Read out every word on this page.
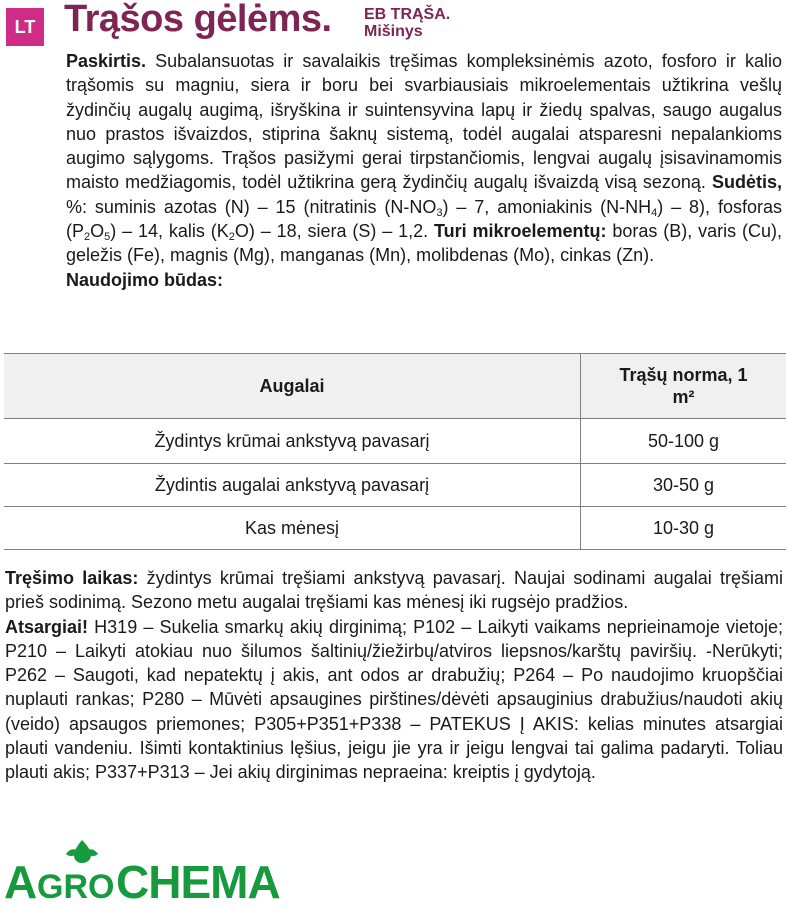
LT Trąšos gėlėms. EB TRĄŠA.
Mišinys

Paskirtis. Subalansuotas ir savalaikis tręšimas kompleksinėmis azoto, fosforo ir kalio trąšomis su magniu, siera ir boru bei svarbiausiais mikroelementais užtikrina vešlų žydinčių augalų augimą, išryškina ir suintensyvina lapų ir žiedų spalvas, saugo augalus nuo prastos išvaizdos, stiprina šaknų sistemą, todėl augalai atsparesni nepalankioms augimo sąlygoms. Trąšos pasižymi gerai tirpstančiomis, lengvai augalų įsisavinamomis maisto medžiagomis, todėl užtikrina gerą žydinčių augalų išvaizdą visą sezoną. Sudėtis, %: suminis azotas (N) – 15 (nitratinis $(N-NO_3) - 7$, amoniakinis $(N-NH_4) - 8$), fosforas $(P_2O_5) - 14$, kalis $(K_2O) - 18$, siera (S) – 1,2. Turi mikroelementų: boras (B), varis (Cu), geležis (Fe), magnis (Mg), manganas (Mn), molibdenas (Mo), cinkas (Zn).
Naudojimo būdas:

Augalai	Trąšų norma, 1 m²
Žydintys krūmai ankstyvą pavasarį	50-100 g
Žydintis augalai ankstyvą pavasarį	30-50 g
Kas mėnesį	10-30 g

Tręšimo laikas: žydintys krūmai tręšiami ankstyvą pavasarį. Naujai sodinami augalai tręšiami prieš sodinimą. Sezono metu augalai tręšiami kas mėnesį iki rugsėjo pradžios.

Atsargiai! H319 – Sukelia smarkų akių dirginimą; P102 – Laikyti vaikams neprieinamoje vietoje; P210 – Laikyti atokiau nuo šilumos šaltinių/žiežirbų/atviros liepsnos/karštų paviršių. -Nerūkyti; P262 – Saugoti, kad nepatektų į akis, ant odos ar drabužių; P264 – Po naudojimo kruopščiai nuplauti rankas; P280 – Mūvėti apsaugines pirštines/dėvėti apsauginius drabužius/naudoti akių (veido) apsaugos priemones; P305+P351+P338 – PATEKUS Į AKIS: kelias minutes atsargiai plauti vandeniu. Išimti kontaktinius lęšius, jeigu jie yra ir jeigu lengvai tai galima padaryti. Toliau plauti akis; P337+P313 – Jei akių dirginimas nepraeina: kreiptis į gydytoją.

A GRO CHEMA
